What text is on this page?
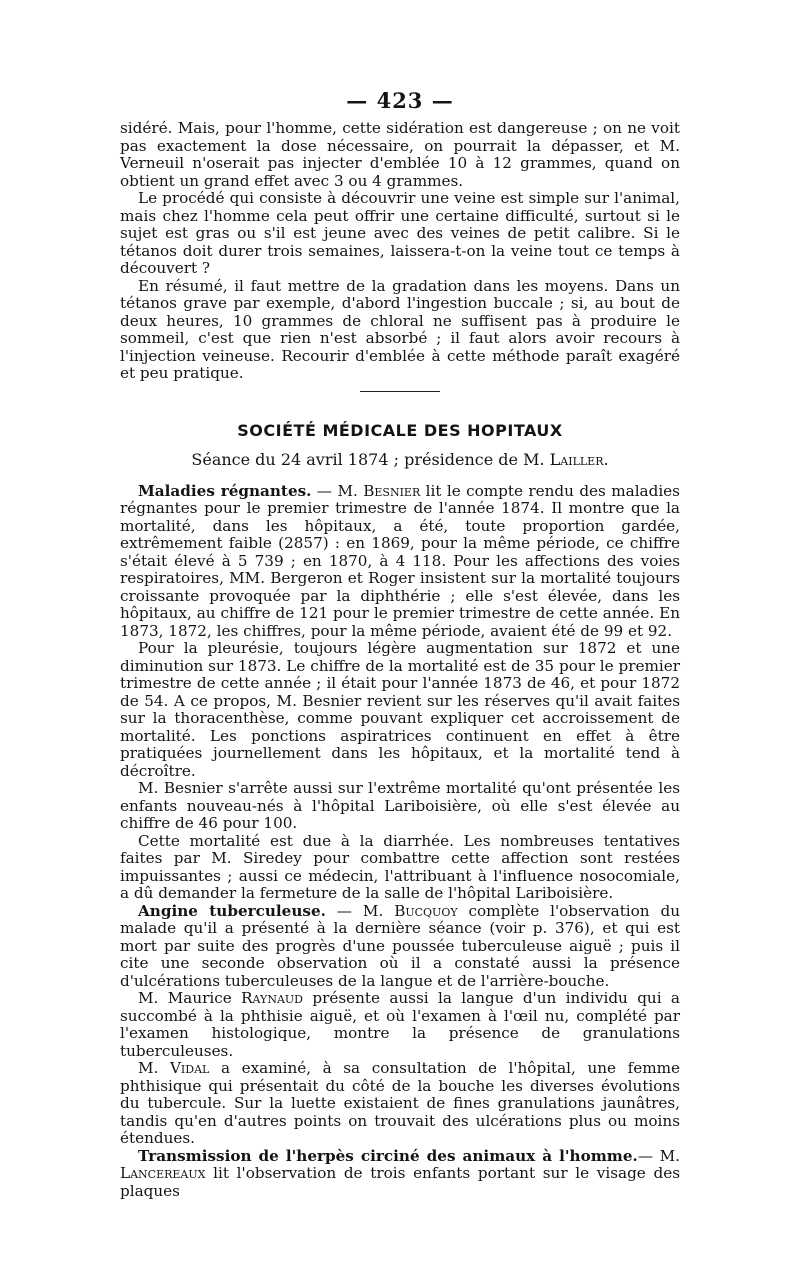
— 423 —

sidéré. Mais, pour l'homme, cette sidération est dangereuse ; on ne voit pas exactement la dose nécessaire, on pourrait la dépasser, et M. Verneuil n'oserait pas injecter d'emblée 10 à 12 grammes, quand on obtient un grand effet avec 3 ou 4 grammes.

Le procédé qui consiste à découvrir une veine est simple sur l'animal, mais chez l'homme cela peut offrir une certaine difficulté, surtout si le sujet est gras ou s'il est jeune avec des veines de petit calibre. Si le tétanos doit durer trois semaines, laissera-t-on la veine tout ce temps à découvert ?

En résumé, il faut mettre de la gradation dans les moyens. Dans un tétanos grave par exemple, d'abord l'ingestion buccale ; si, au bout de deux heures, 10 grammes de chloral ne suffisent pas à produire le sommeil, c'est que rien n'est absorbé ; il faut alors avoir recours à l'injection veineuse. Recourir d'emblée à cette méthode paraît exagéré et peu pratique.

SOCIÉTÉ MÉDICALE DES HOPITAUX
Séance du 24 avril 1874 ; présidence de M. Lailler.

Maladies régnantes. — M. Besnier lit le compte rendu des maladies régnantes pour le premier trimestre de l'année 1874. Il montre que la mortalité, dans les hôpitaux, a été, toute proportion gardée, extrêmement faible (2857) : en 1869, pour la même période, ce chiffre s'était élevé à 5 739 ; en 1870, à 4 118. Pour les affections des voies respiratoires, MM. Bergeron et Roger insistent sur la mortalité toujours croissante provoquée par la diphthérie ; elle s'est élevée, dans les hôpitaux, au chiffre de 121 pour le premier trimestre de cette année. En 1873, 1872, les chiffres, pour la même période, avaient été de 99 et 92.

Pour la pleurésie, toujours légère augmentation sur 1872 et une diminution sur 1873. Le chiffre de la mortalité est de 35 pour le premier trimestre de cette année ; il était pour l'année 1873 de 46, et pour 1872 de 54. A ce propos, M. Besnier revient sur les réserves qu'il avait faites sur la thoracenthèse, comme pouvant expliquer cet accroissement de mortalité. Les ponctions aspiratrices continuent en effet à être pratiquées journellement dans les hôpitaux, et la mortalité tend à décroître.

M. Besnier s'arrête aussi sur l'extrême mortalité qu'ont présentée les enfants nouveau-nés à l'hôpital Lariboisière, où elle s'est élevée au chiffre de 46 pour 100.

Cette mortalité est due à la diarrhée. Les nombreuses tentatives faites par M. Siredey pour combattre cette affection sont restées impuissantes ; aussi ce médecin, l'attribuant à l'influence nosocomiale, a dû demander la fermeture de la salle de l'hôpital Lariboisière.

Angine tuberculeuse. — M. Bucquoy complète l'observation du malade qu'il a présenté à la dernière séance (voir p. 376), et qui est mort par suite des progrès d'une poussée tuberculeuse aiguë ; puis il cite une seconde observation où il a constaté aussi la présence d'ulcérations tuberculeuses de la langue et de l'arrière-bouche.

M. Maurice Raynaud présente aussi la langue d'un individu qui a succombé à la phthisie aiguë, et où l'examen à l'œil nu, complété par l'examen histologique, montre la présence de granulations tuberculeuses.

M. Vidal a examiné, à sa consultation de l'hôpital, une femme phthisique qui présentait du côté de la bouche les diverses évolutions du tubercule. Sur la luette existaient de fines granulations jaunâtres, tandis qu'en d'autres points on trouvait des ulcérations plus ou moins étendues.

Transmission de l'herpès circiné des animaux à l'homme.— M. Lancereaux lit l'observation de trois enfants portant sur le visage des plaques
